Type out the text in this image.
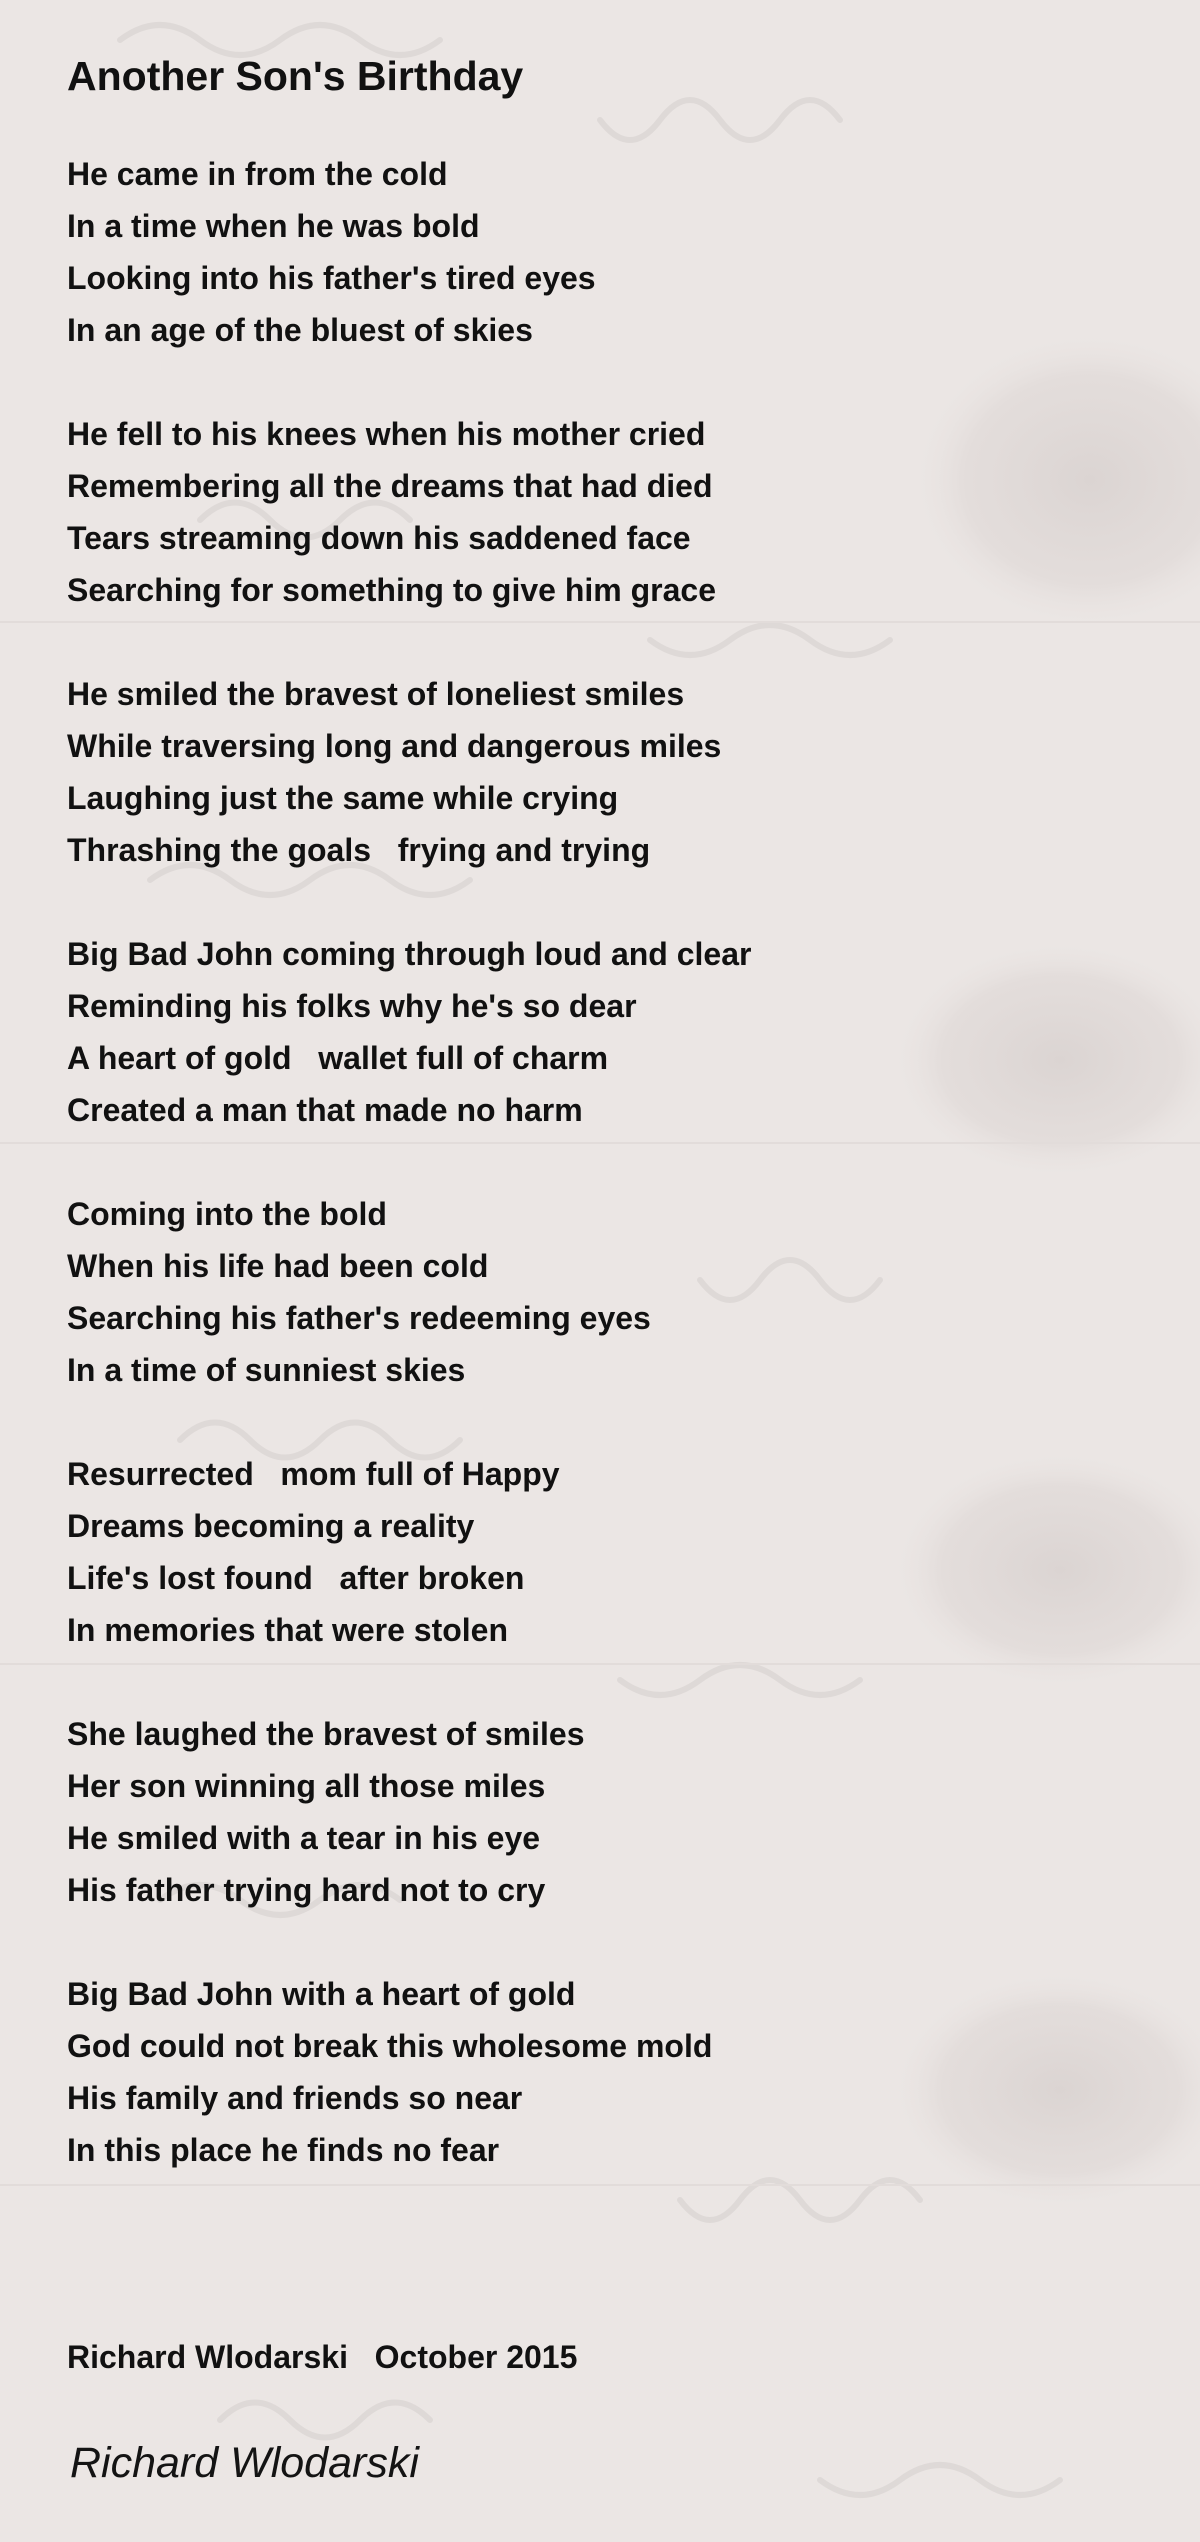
Another Son's Birthday
He came in from the cold
In a time when he was bold
Looking into his father's tired eyes
In an age of the bluest of skies
He fell to his knees when his mother cried
Remembering all the dreams that had died
Tears streaming down his saddened face
Searching for something to give him grace
He smiled the bravest of loneliest smiles
While traversing long and dangerous miles
Laughing just the same while crying
Thrashing the goals   frying and trying
Big Bad John coming through loud and clear
Reminding his folks why he's so dear
A heart of gold   wallet full of charm
Created a man that made no harm
Coming into the bold
When his life had been cold
Searching his father's redeeming eyes
In a time of sunniest skies
Resurrected   mom full of Happy
Dreams becoming a reality
Life's lost found   after broken
In memories that were stolen
She laughed the bravest of smiles
Her son winning all those miles
He smiled with a tear in his eye
His father trying hard not to cry
Big Bad John with a heart of gold
God could not break this wholesome mold
His family and friends so near
In this place he finds no fear
Richard Wlodarski   October 2015
Richard Wlodarski
